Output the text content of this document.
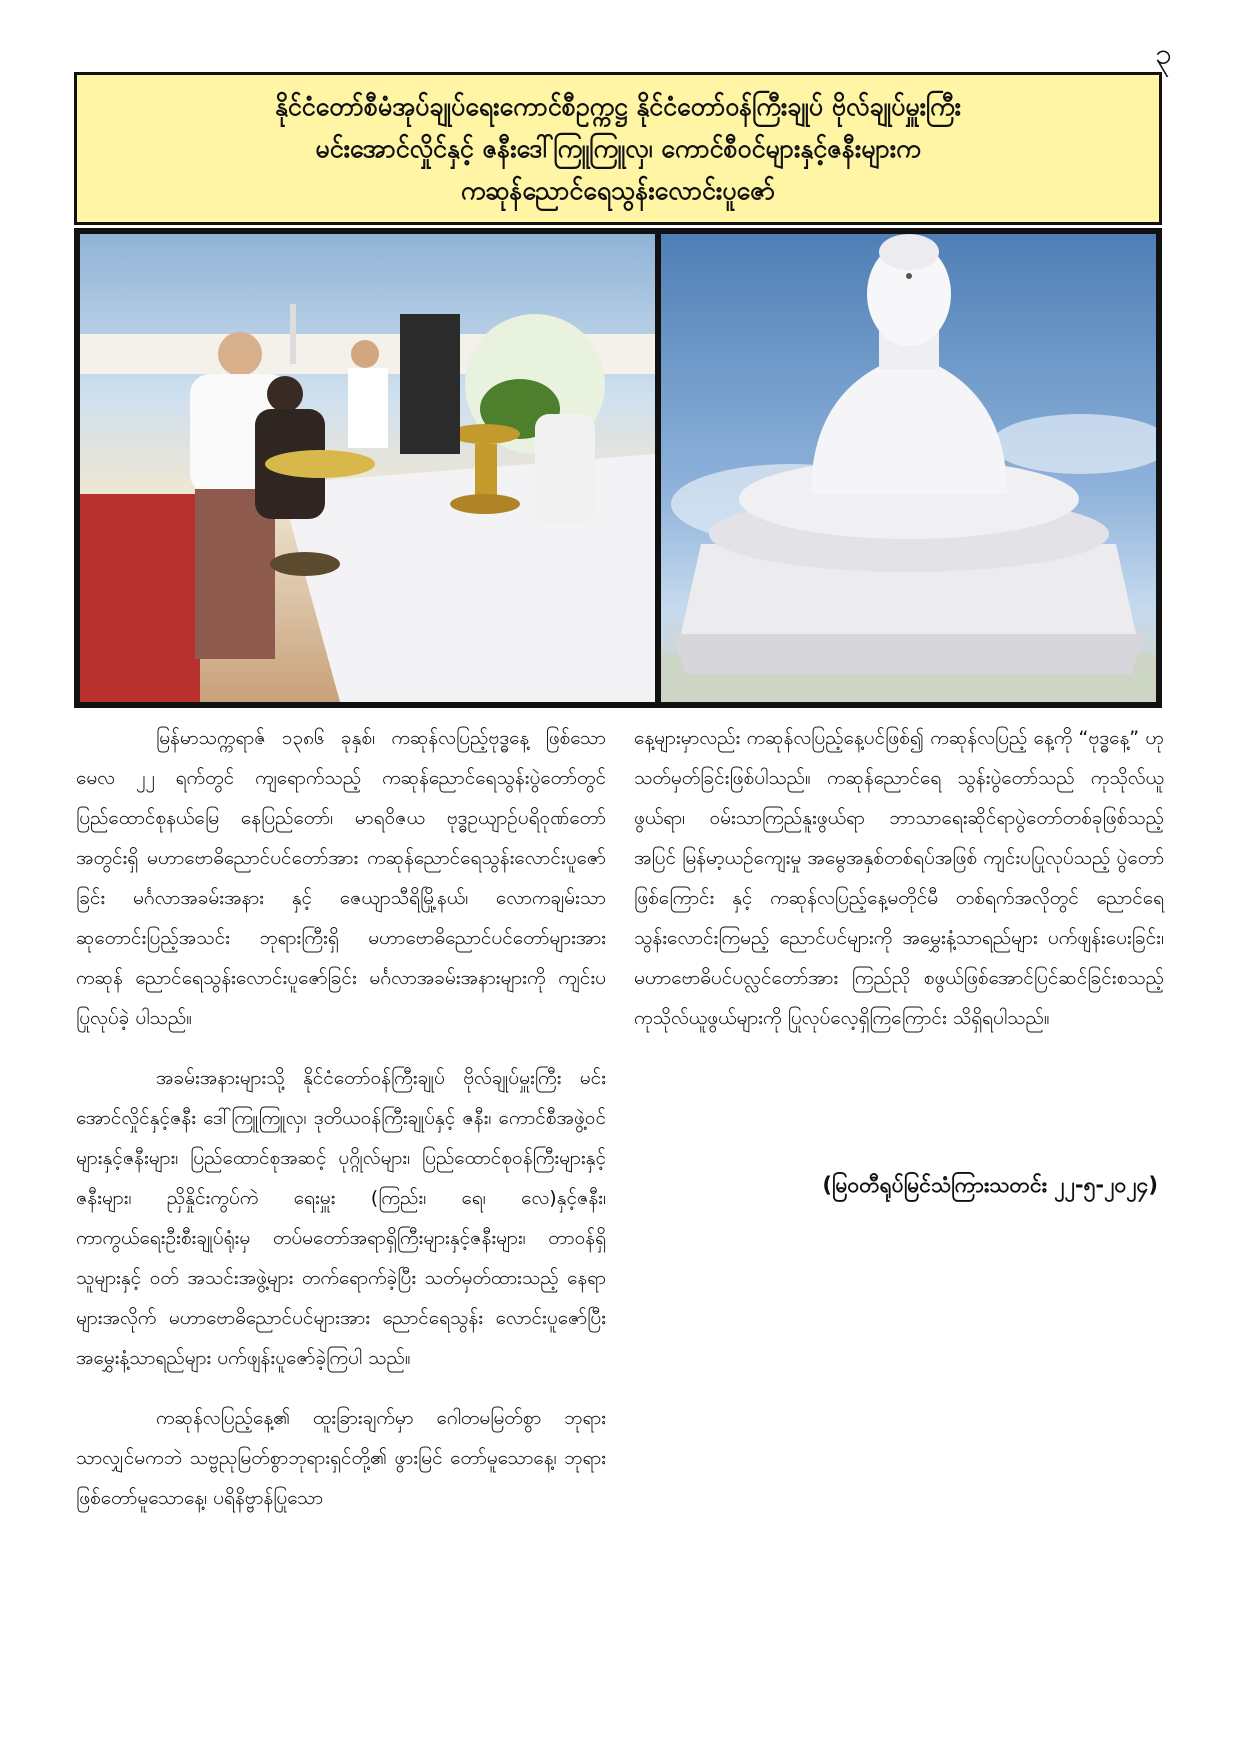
၃
နိုင်ငံတော်စီမံအုပ်ချုပ်ရေးကောင်စီဥက္ကဋ္ဌ နိုင်ငံတော်ဝန်ကြီးချုပ် ဗိုလ်ချုပ်မှူးကြီး
မင်းအောင်လှိုင်နှင့် ဇနီးဒေါ်ကြူကြူလှ၊ ကောင်စီဝင်များနှင့်ဇနီးများက
ကဆုန်ညောင်ရေသွန်းလောင်းပူဇော်

မြန်မာသက္ကရာဇ် ၁၃၈၆ ခုနှစ်၊ ကဆုန်လပြည့်ဗုဒ္ဓနေ့ ဖြစ်သော မေလ ၂၂ ရက်တွင် ကျရောက်သည့် ကဆုန်ညောင်ရေသွန်းပွဲတော်တွင် ပြည်ထောင်စုနယ်မြေ နေပြည်တော်၊ မာရဝိဇယ ဗုဒ္ဓဥယျာဉ်ပရိဝုဏ်တော်အတွင်းရှိ မဟာဗောဓိညောင်ပင်တော်အား ကဆုန်ညောင်ရေသွန်းလောင်းပူဇော်ခြင်း မင်္ဂလာအခမ်းအနား နှင့် ဇေယျာသီရိမြို့နယ်၊ လောကချမ်းသာဆုတောင်းပြည့်အသင်း ဘုရားကြီးရှိ မဟာဗောဓိညောင်ပင်တော်များအား ကဆုန် ညောင်ရေသွန်းလောင်းပူဇော်ခြင်း မင်္ဂလာအခမ်းအနားများကို ကျင်းပပြုလုပ်ခဲ့ ပါသည်။

အခမ်းအနားများသို့ နိုင်ငံတော်ဝန်ကြီးချုပ် ဗိုလ်ချုပ်မှူးကြီး မင်းအောင်လှိုင်နှင့်ဇနီး ဒေါ်ကြူကြူလှ၊ ဒုတိယဝန်ကြီးချုပ်နှင့် ဇနီး၊ ကောင်စီအဖွဲ့ဝင်များနှင့်ဇနီးများ၊ ပြည်ထောင်စုအဆင့် ပုဂ္ဂိုလ်များ၊ ပြည်ထောင်စုဝန်ကြီးများနှင့်ဇနီးများ၊ ညှိနှိုင်းကွပ်ကဲ ရေးမှူး (ကြည်း၊ ရေ၊ လေ)နှင့်ဇနီး၊ ကာကွယ်ရေးဦးစီးချုပ်ရုံးမှ တပ်မတော်အရာရှိကြီးများနှင့်ဇနီးများ၊ တာဝန်ရှိသူများနှင့် ဝတ် အသင်းအဖွဲ့များ တက်ရောက်ခဲ့ပြီး သတ်မှတ်ထားသည့် နေရာ များအလိုက် မဟာဗောဓိညောင်ပင်များအား ညောင်ရေသွန်း လောင်းပူဇော်ပြီး အမွှေးနံ့သာရည်များ ပက်ဖျန်းပူဇော်ခဲ့ကြပါ သည်။

ကဆုန်လပြည့်နေ့၏ ထူးခြားချက်မှာ ဂေါတမမြတ်စွာ ဘုရားသာလျှင်မကဘဲ သဗ္ဗညုမြတ်စွာဘုရားရှင်တို့၏ ဖွားမြင် တော်မူသောနေ့၊ ဘုရားဖြစ်တော်မူသောနေ့၊ ပရိနိဗ္ဗာန်ပြုသော

နေ့များမှာလည်း ကဆုန်လပြည့်နေ့ပင်ဖြစ်၍ ကဆုန်လပြည့် နေ့ကို “ဗုဒ္ဓနေ့” ဟု သတ်မှတ်ခြင်းဖြစ်ပါသည်။ ကဆုန်ညောင်ရေ သွန်းပွဲတော်သည် ကုသိုလ်ယူဖွယ်ရာ၊ ဝမ်းသာကြည်နူးဖွယ်ရာ ဘာသာရေးဆိုင်ရာပွဲတော်တစ်ခုဖြစ်သည့်အပြင် မြန်မာ့ယဉ်ကျေးမှု အမွေအနှစ်တစ်ရပ်အဖြစ် ကျင်းပပြုလုပ်သည့် ပွဲတော်ဖြစ်ကြောင်း နှင့် ကဆုန်လပြည့်နေ့မတိုင်မီ တစ်ရက်အလိုတွင် ညောင်ရေ သွန်းလောင်းကြမည့် ညောင်ပင်များကို အမွှေးနံ့သာရည်များ ပက်ဖျန်းပေးခြင်း၊ မဟာဗောဓိပင်ပလ္လင်တော်အား ကြည်ညို စဖွယ်ဖြစ်အောင်ပြင်ဆင်ခြင်းစသည့် ကုသိုလ်ယူဖွယ်များကို ပြုလုပ်လေ့ရှိကြကြောင်း သိရှိရပါသည်။

(မြဝတီရုပ်မြင်သံကြားသတင်း ၂၂-၅-၂၀၂၄)
